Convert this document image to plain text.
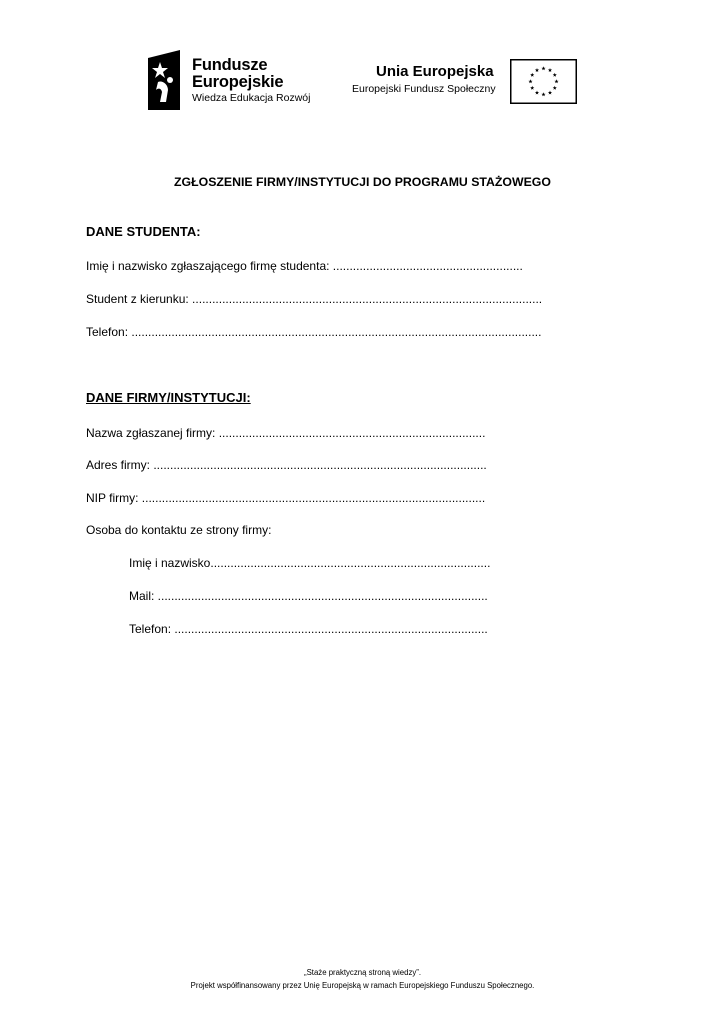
Fundusze
Europejskie
Wiedza Edukacja Rozwój
Unia Europejska
Europejski Fundusz Społeczny
ZGŁOSZENIE FIRMY/INSTYTUCJI DO PROGRAMU STAŻOWEGO
DANE STUDENTA:
Imię i nazwisko zgłaszającego firmę studenta: .........................................................
Student z kierunku: .........................................................................................................
Telefon: ...........................................................................................................................
DANE FIRMY/INSTYTUCJI:
Nazwa zgłaszanej firmy: ................................................................................
Adres firmy: ....................................................................................................
NIP firmy: .......................................................................................................
Osoba do kontaktu ze strony firmy:
Imię i nazwisko....................................................................................
Mail: ...................................................................................................
Telefon: ..............................................................................................
„Staże praktyczną stroną wiedzy”.
Projekt współfinansowany przez Unię Europejską w ramach Europejskiego Funduszu Społecznego.
